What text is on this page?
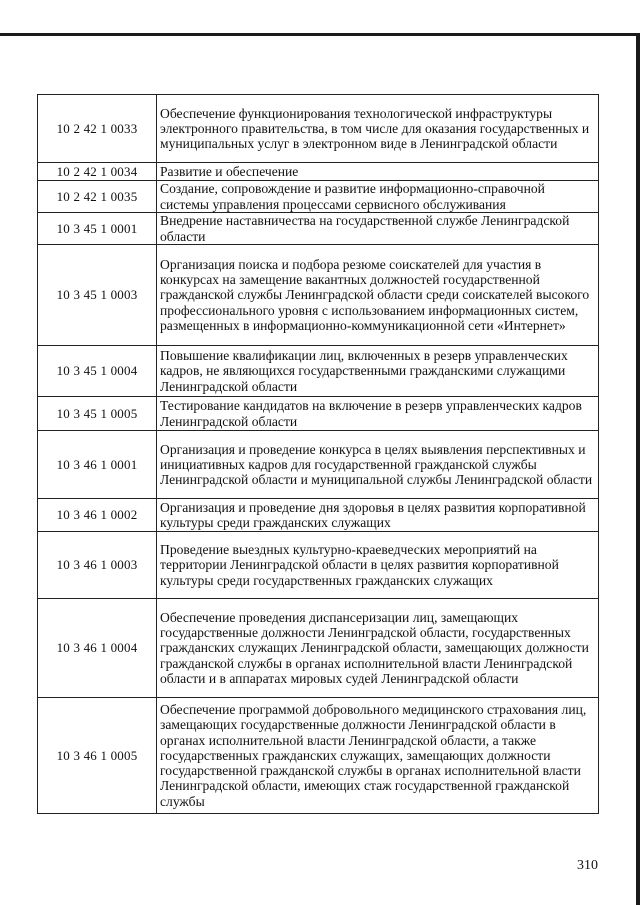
10 2 42 1 0033	Обеспечение функционирования технологической инфраструктуры электронного правительства, в том числе для оказания государственных и муниципальных услуг в электронном виде в Ленинградской области
10 2 42 1 0034	Развитие и обеспечение
10 2 42 1 0035	Создание, сопровождение и развитие информационно-справочной системы управления процессами сервисного обслуживания
10 3 45 1 0001	Внедрение наставничества на государственной службе Ленинградской области
10 3 45 1 0003	Организация поиска и подбора резюме соискателей для участия в конкурсах на замещение вакантных должностей государственной гражданской службы Ленинградской области среди соискателей высокого профессионального уровня с использованием информационных систем, размещенных в информационно-коммуникационной сети «Интернет»
10 3 45 1 0004	Повышение квалификации лиц, включенных в резерв управленческих кадров, не являющихся государственными гражданскими служащими Ленинградской области
10 3 45 1 0005	Тестирование кандидатов на включение в резерв управленческих кадров Ленинградской области
10 3 46 1 0001	Организация и проведение конкурса в целях выявления перспективных и инициативных кадров для государственной гражданской службы Ленинградской области и муниципальной службы Ленинградской области
10 3 46 1 0002	Организация и проведение дня здоровья в целях развития корпоративной культуры среди гражданских служащих
10 3 46 1 0003	Проведение выездных культурно-краеведческих мероприятий на территории Ленинградской области в целях развития корпоративной культуры среди государственных гражданских служащих
10 3 46 1 0004	Обеспечение проведения диспансеризации лиц, замещающих государственные должности Ленинградской области, государственных гражданских служащих Ленинградской области, замещающих должности гражданской службы в органах исполнительной власти Ленинградской области и в аппаратах мировых судей Ленинградской области
10 3 46 1 0005	Обеспечение программой добровольного медицинского страхования лиц, замещающих государственные должности Ленинградской области в органах исполнительной власти Ленинградской области, а также государственных гражданских служащих, замещающих должности государственной гражданской службы в органах исполнительной власти Ленинградской области, имеющих стаж государственной гражданской службы
310
